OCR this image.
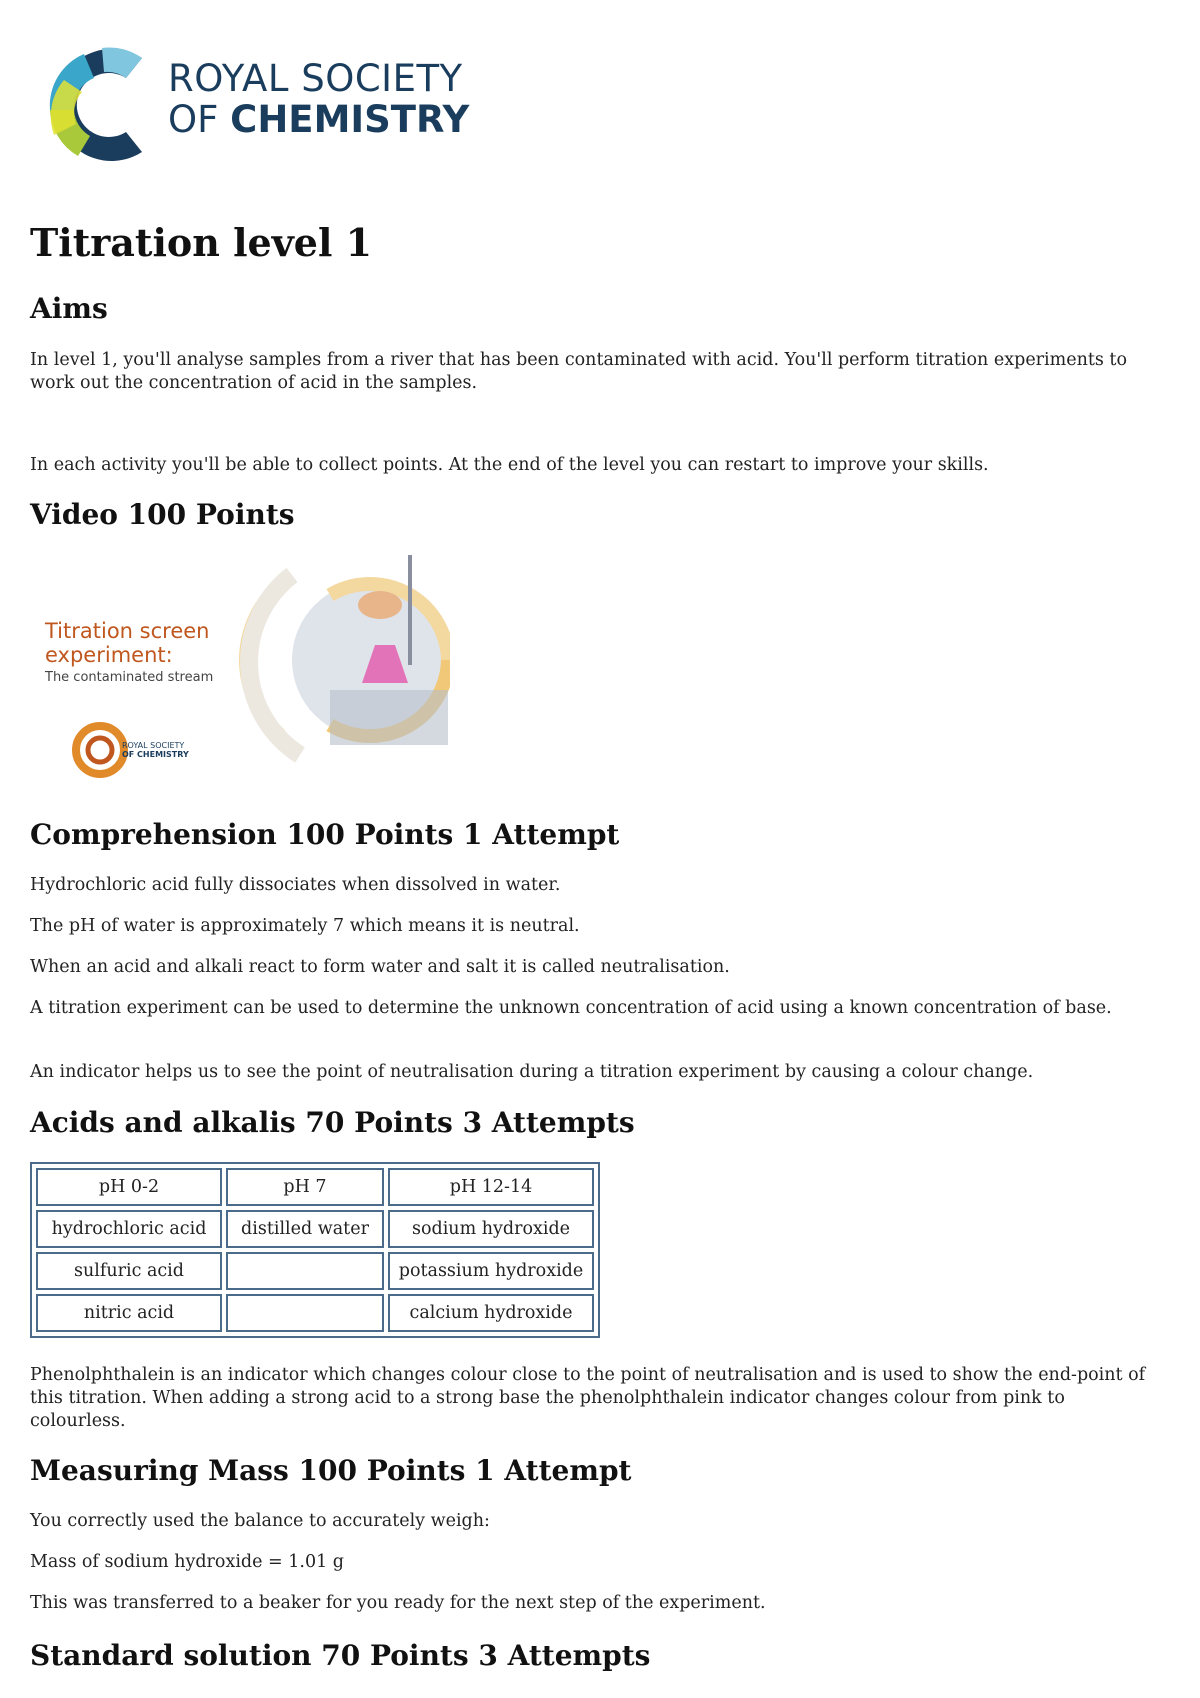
ROYAL SOCIETY
OF CHEMISTRY
Titration level 1
Aims

In level 1, you'll analyse samples from a river that has been contaminated with acid. You'll perform titration experiments to work out the concentration of acid in the samples.

In each activity you'll be able to collect points. At the end of the level you can restart to improve your skills.

Video 100 Points
ROYAL SOCIETY
OF CHEMISTRY
Titration screen experiment:
The contaminated stream
Comprehension 100 Points 1 Attempt

Hydrochloric acid fully dissociates when dissolved in water.

The pH of water is approximately 7 which means it is neutral.

When an acid and alkali react to form water and salt it is called neutralisation.

A titration experiment can be used to determine the unknown concentration of acid using a known concentration of base.

An indicator helps us to see the point of neutralisation during a titration experiment by causing a colour change.

Acids and alkalis 70 Points 3 Attempts
pH 0-2	pH 7	pH 12-14
hydrochloric acid	distilled water	sodium hydroxide
sulfuric acid		potassium hydroxide
nitric acid		calcium hydroxide

Phenolphthalein is an indicator which changes colour close to the point of neutralisation and is used to show the end-point of this titration. When adding a strong acid to a strong base the phenolphthalein indicator changes colour from pink to colourless.

Measuring Mass 100 Points 1 Attempt

You correctly used the balance to accurately weigh:

Mass of sodium hydroxide = 1.01 g

This was transferred to a beaker for you ready for the next step of the experiment.

Standard solution 70 Points 3 Attempts
